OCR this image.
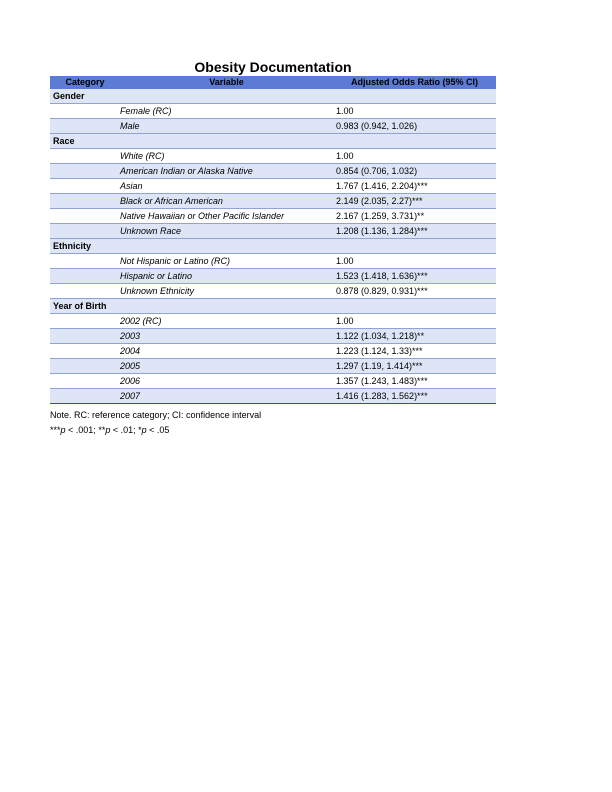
Obesity Documentation
Category	Variable	Adjusted Odds Ratio (95% CI)
Gender		
	Female (RC)	1.00
	Male	0.983 (0.942, 1.026)
Race		
	White (RC)	1.00
	American Indian or Alaska Native	0.854 (0.706, 1.032)
	Asian	1.767 (1.416, 2.204)***
	Black or African American	2.149 (2.035, 2.27)***
	Native Hawaiian or Other Pacific Islander	2.167 (1.259, 3.731)**
	Unknown Race	1.208 (1.136, 1.284)***
Ethnicity		
	Not Hispanic or Latino (RC)	1.00
	Hispanic or Latino	1.523 (1.418, 1.636)***
	Unknown Ethnicity	0.878 (0.829, 0.931)***
Year of Birth		
	2002 (RC)	1.00
	2003	1.122 (1.034, 1.218)**
	2004	1.223 (1.124, 1.33)***
	2005	1.297 (1.19, 1.414)***
	2006	1.357 (1.243, 1.483)***
	2007	1.416 (1.283, 1.562)***
Note. RC: reference category; CI: confidence interval
***p < .001; **p < .01; *p < .05
